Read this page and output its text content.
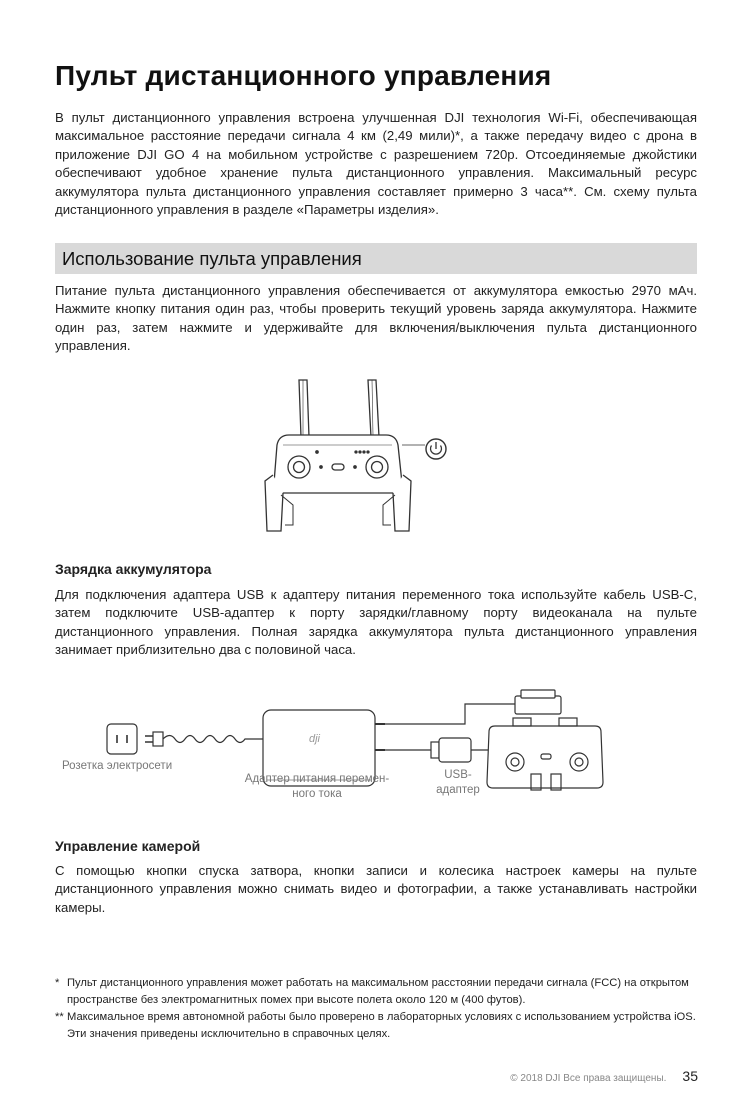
Пульт дистанционного управления

В пульт дистанционного управления встроена улучшенная DJI технология Wi-Fi, обеспечивающая максимальное расстояние передачи сигнала 4 км (2,49 мили)*, а также передачу видео с дрона в приложение DJI GO 4 на мобильном устройстве с разрешением 720p. Отсоединяемые джойстики обеспечивают удобное хранение пульта дистанционного управления. Максимальный ресурс аккумулятора пульта дистанционного управления составляет примерно 3 часа**. См. схему пульта дистанционного управления в разделе «Параметры изделия».

Использование пульта управления

Питание пульта дистанционного управления обеспечивается от аккумулятора емкостью 2970 мАч. Нажмите кнопку питания один раз, чтобы проверить текущий уровень заряда аккумулятора. Нажмите один раз, затем нажмите и удерживайте для включения/выключения пульта дистанционного управления.

Зарядка аккумулятора

Для подключения адаптера USB к адаптеру питания переменного тока используйте кабель USB-C, затем подключите USB-адаптер к порту зарядки/главному порту видеоканала на пульте дистанционного управления. Полная зарядка аккумулятора пульта дистанционного управления занимает приблизительно два с половиной часа.

dji
Розетка электросети
Адаптер питания перемен-ного тока
USB-адаптер
Управление камерой

С помощью кнопки спуска затвора, кнопки записи и колесика настроек камеры на пульте дистанционного управления можно снимать видео и фотографии, а также устанавливать настройки камеры.

* Пульт дистанционного управления может работать на максимальном расстоянии передачи сигнала (FCC) на открытом пространстве без электромагнитных помех при высоте полета около 120 м (400 футов).
** Максимальное время автономной работы было проверено в лабораторных условиях с использованием устройства iOS. Эти значения приведены исключительно в справочных целях.
© 2018 DJI Все права защищены. 35
